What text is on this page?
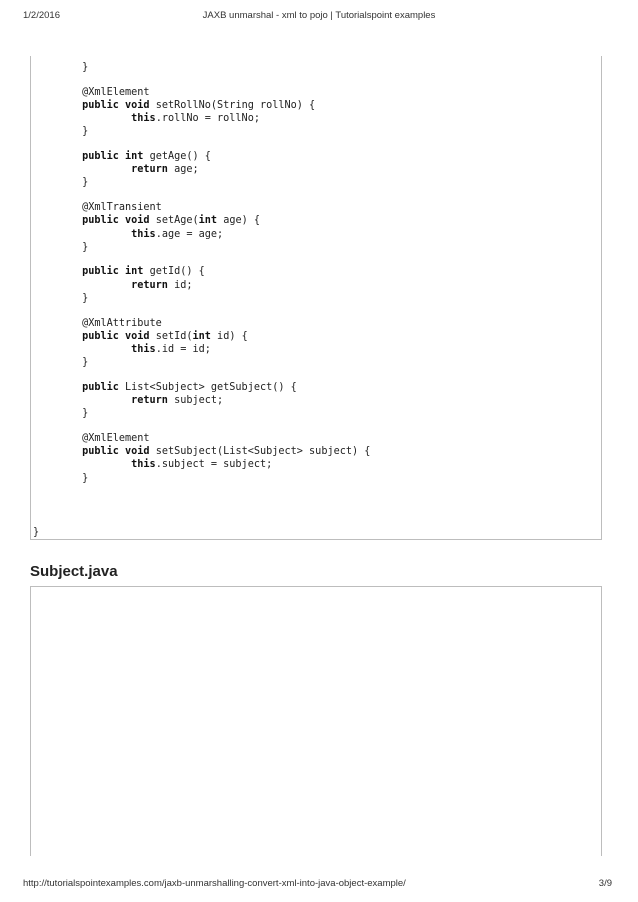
1/2/2016	JAXB unmarshal - xml to pojo | Tutorialspoint examples
}
@XmlElement
public void setRollNo(String rollNo) {
this.rollNo = rollNo;
}
public int getAge() {
return age;
}
@XmlTransient
public void setAge(int age) {
this.age = age;
}
public int getId() {
return id;
}
@XmlAttribute
public void setId(int id) {
this.id = id;
}
public List<Subject> getSubject() {
return subject;
}
@XmlElement
public void setSubject(List<Subject> subject) {
this.subject = subject;
}
}
Subject.java
http://tutorialspointexamples.com/jaxb-unmarshalling-convert-xml-into-java-object-example/	3/9
